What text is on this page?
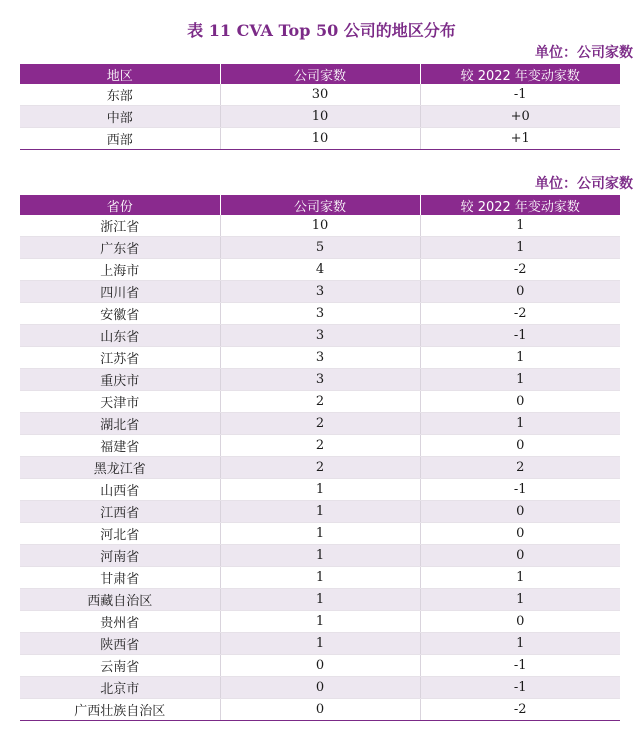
表 11 CVA Top 50 公司的地区分布
单位：公司家数
地区	公司家数	较 2022 年变动家数
东部	30	-1
中部	10	+0
西部	10	+1
单位：公司家数
省份	公司家数	较 2022 年变动家数
浙江省	10	1
广东省	5	1
上海市	4	-2
四川省	3	0
安徽省	3	-2
山东省	3	-1
江苏省	3	1
重庆市	3	1
天津市	2	0
湖北省	2	1
福建省	2	0
黑龙江省	2	2
山西省	1	-1
江西省	1	0
河北省	1	0
河南省	1	0
甘肃省	1	1
西藏自治区	1	1
贵州省	1	0
陕西省	1	1
云南省	0	-1
北京市	0	-1
广西壮族自治区	0	-2
